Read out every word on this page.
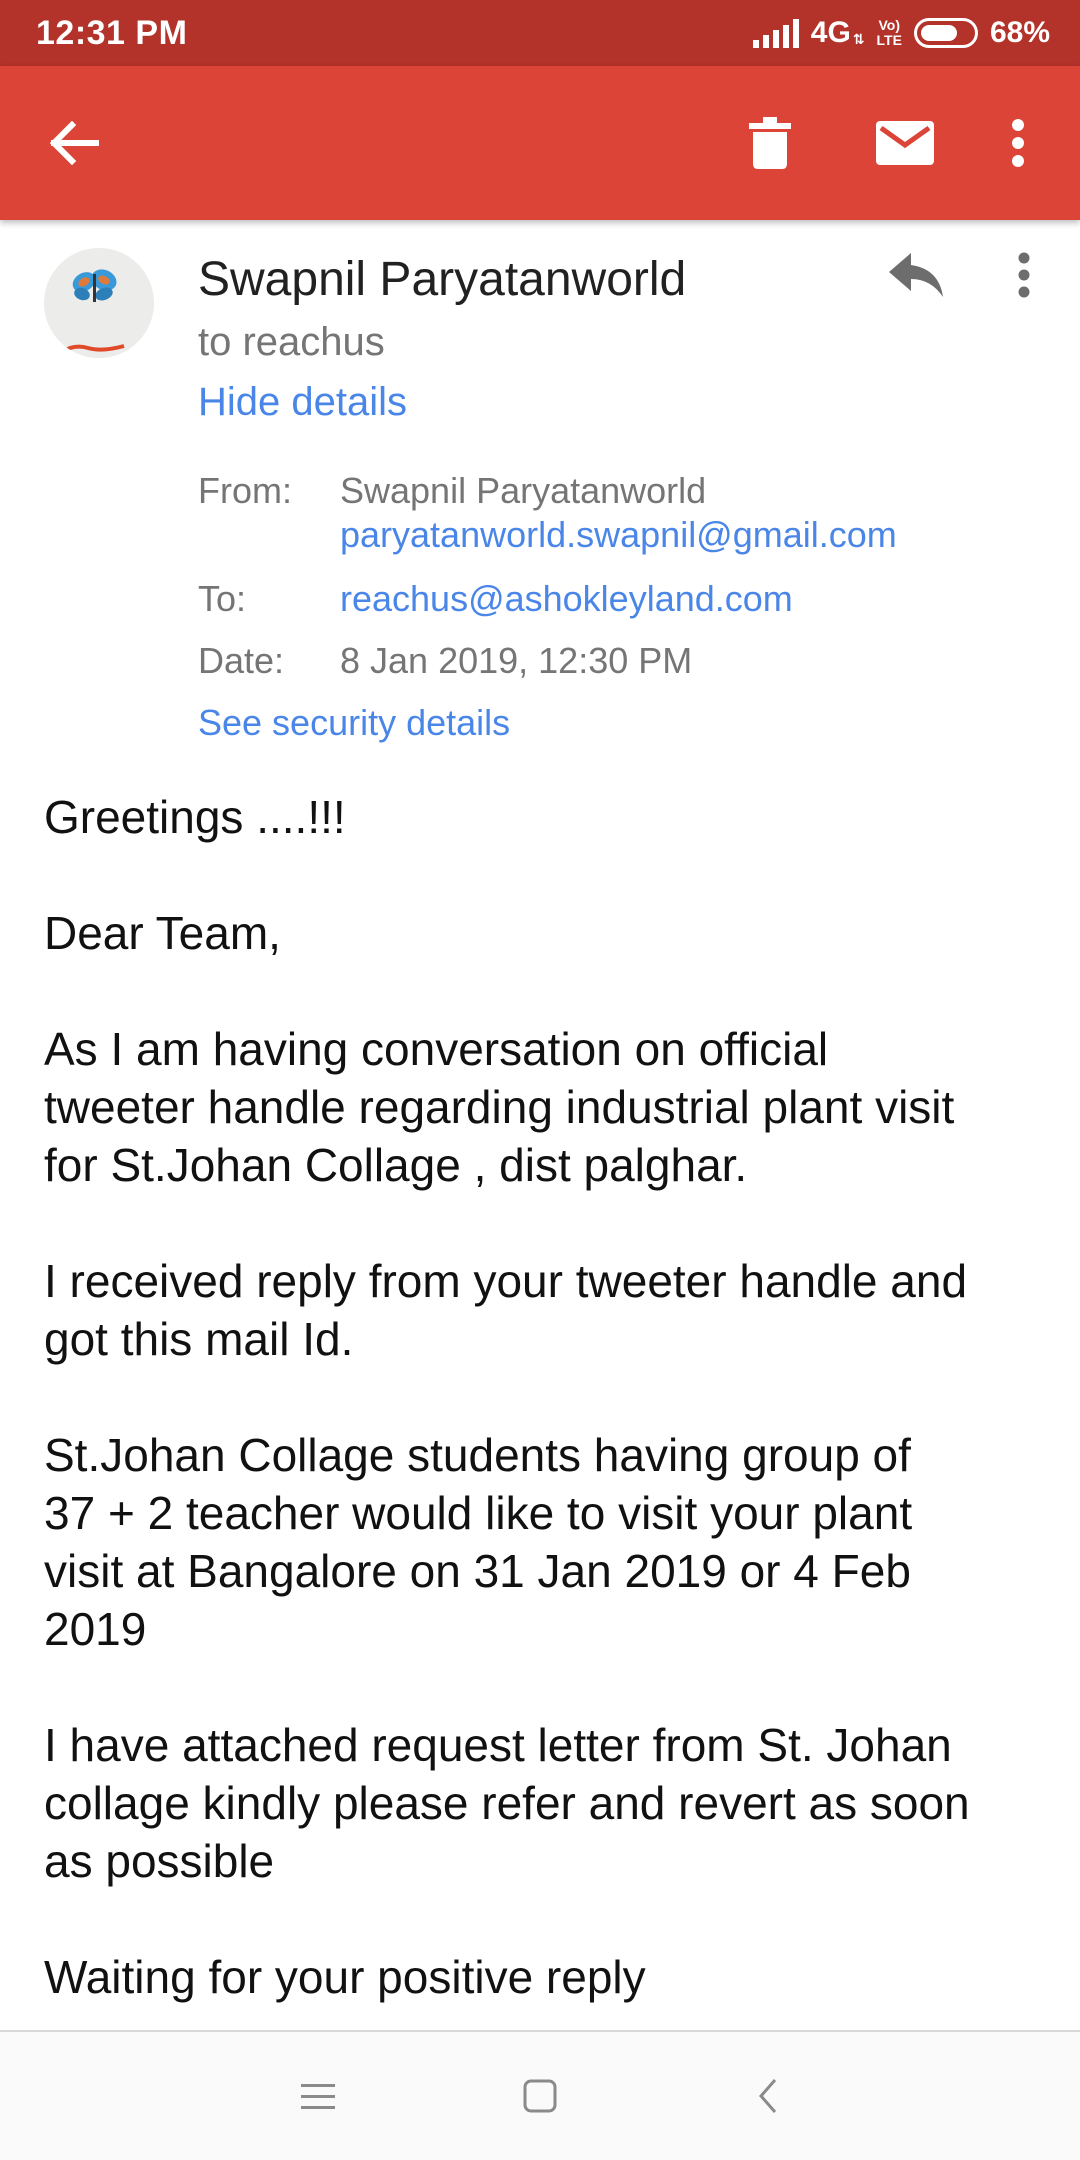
12:31 PM	4G ⇅
Vo)
LTE	68%
Swapnil Paryatanworld
to reachus
Hide details
From: Swapnil Paryatanworld
paryatanworld.swapnil@gmail.com
To:	reachus@ashokleyland.com
Date: 8 Jan 2019, 12:30 PM
See security details

Greetings ....!!!

Dear Team,

As I am having conversation on official
tweeter handle regarding industrial plant visit
for St.Johan Collage , dist palghar.

I received reply from your tweeter handle and
got this mail Id.

St.Johan Collage students having group of
37 + 2 teacher would like to visit your plant
visit at Bangalore on 31 Jan 2019 or 4 Feb
2019

I have attached request letter from St. Johan
collage kindly please refer and revert as soon
as possible

Waiting for your positive reply
